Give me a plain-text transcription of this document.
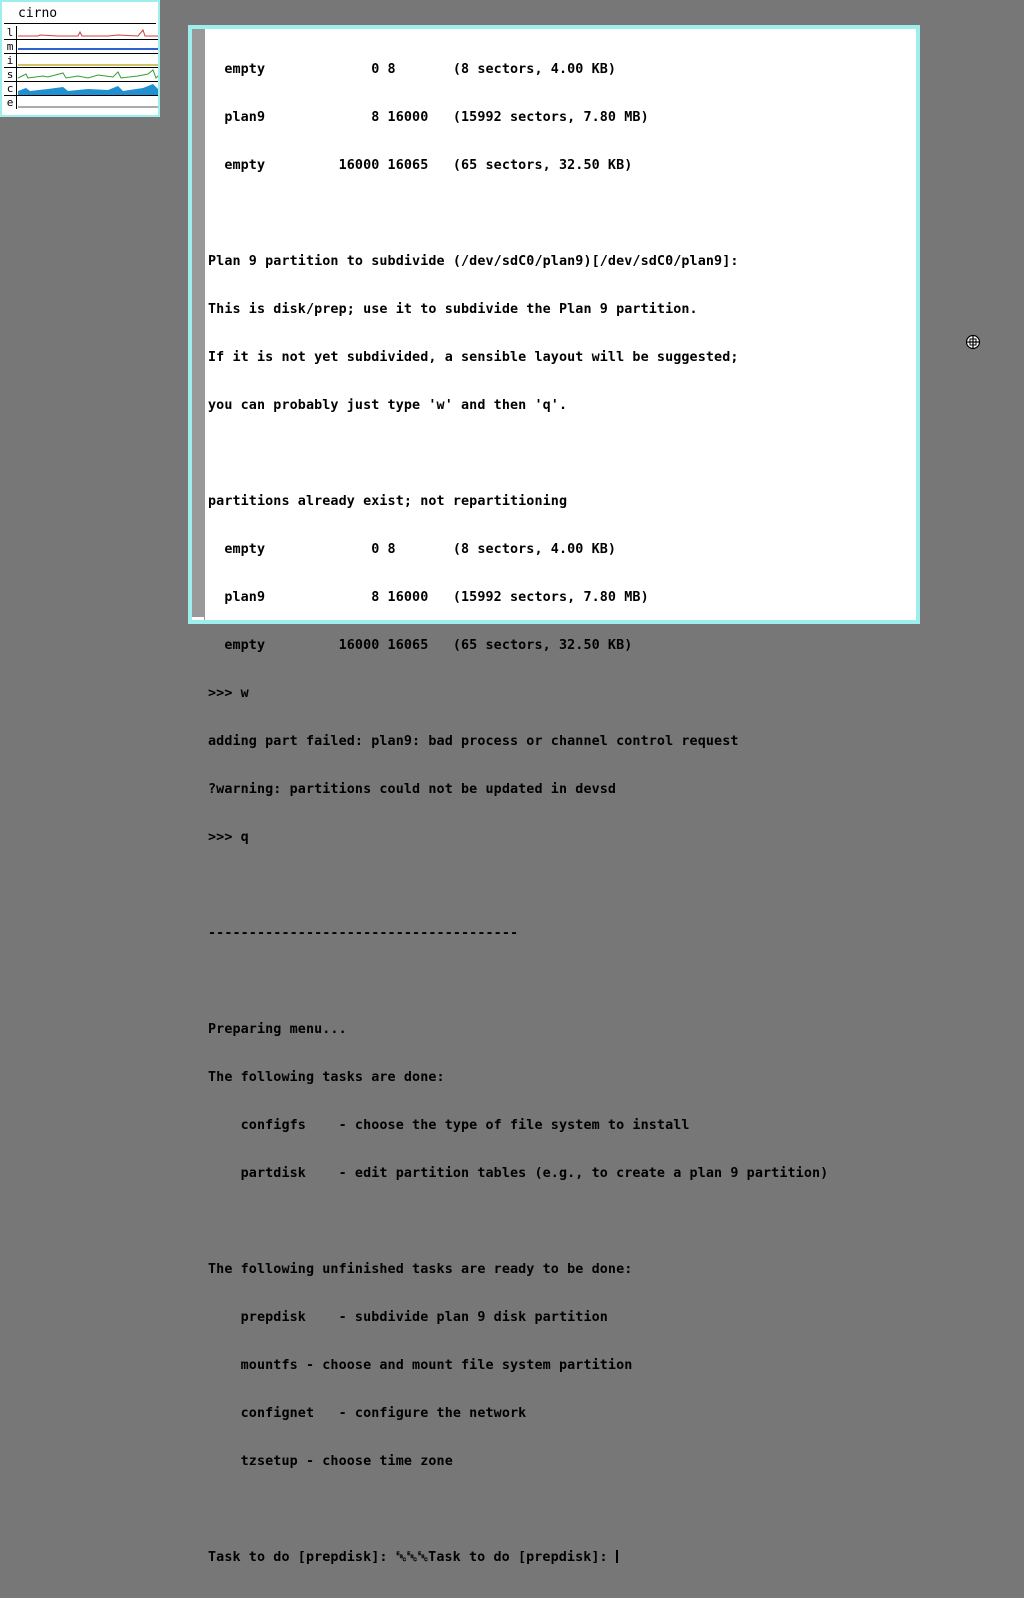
cirno
l
m
i
s
c
e

empty             0 8       (8 sectors, 4.00 KB)

plan9             8 16000   (15992 sectors, 7.80 MB)

empty         16000 16065   (65 sectors, 32.50 KB)

Plan 9 partition to subdivide (/dev/sdC0/plan9)[/dev/sdC0/plan9]:

This is disk/prep; use it to subdivide the Plan 9 partition.

If it is not yet subdivided, a sensible layout will be suggested;

you can probably just type 'w' and then 'q'.

partitions already exist; not repartitioning

empty             0 8       (8 sectors, 4.00 KB)

plan9             8 16000   (15992 sectors, 7.80 MB)

empty         16000 16065   (65 sectors, 32.50 KB)

>>> w

adding part failed: plan9: bad process or channel control request

?warning: partitions could not be updated in devsd

>>> q

--------------------------------------

Preparing menu...

The following tasks are done:

configfs    - choose the type of file system to install

partdisk    - edit partition tables (e.g., to create a plan 9 partition)

The following unfinished tasks are ready to be done:

prepdisk    - subdivide plan 9 disk partition

mountfs - choose and mount file system partition

confignet   - configure the network

tzsetup - choose time zone

Task to do [prepdisk]: ␛␛␛Task to do [prepdisk]:
